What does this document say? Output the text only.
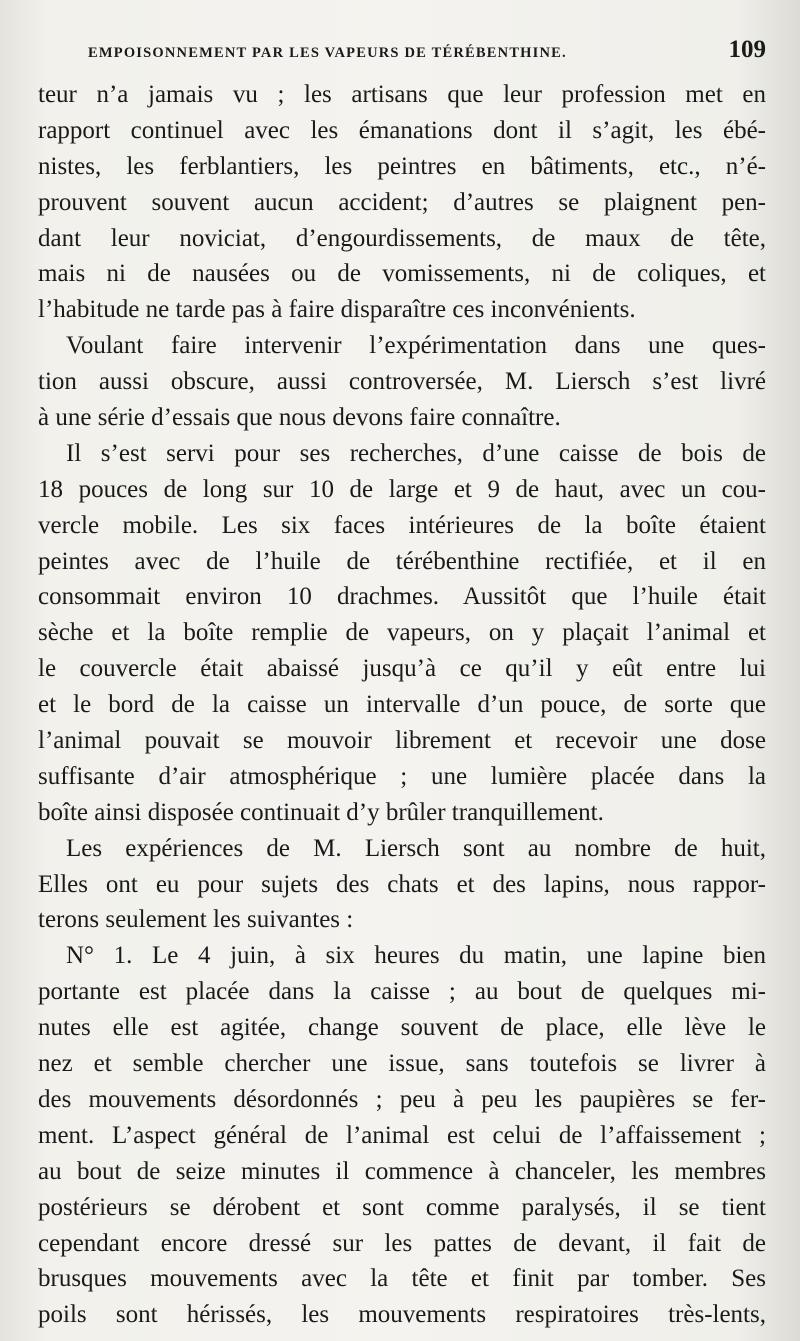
EMPOISONNEMENT PAR LES VAPEURS DE TÉRÉBENTHINE.	109
teur n’a jamais vu ; les artisans que leur profession met en
rapport continuel avec les émanations dont il s’agit, les ébé-
nistes, les ferblantiers, les peintres en bâtiments, etc., n’é-
prouvent souvent aucun accident; d’autres se plaignent pen-
dant leur noviciat, d’engourdissements, de maux de tête,
mais ni de nausées ou de vomissements, ni de coliques, et
l’habitude ne tarde pas à faire disparaître ces inconvénients.
Voulant faire intervenir l’expérimentation dans une ques-
tion aussi obscure, aussi controversée, M. Liersch s’est livré
à une série d’essais que nous devons faire connaître.
Il s’est servi pour ses recherches, d’une caisse de bois de
18 pouces de long sur 10 de large et 9 de haut, avec un cou-
vercle mobile. Les six faces intérieures de la boîte étaient
peintes avec de l’huile de térébenthine rectifiée, et il en
consommait environ 10 drachmes. Aussitôt que l’huile était
sèche et la boîte remplie de vapeurs, on y plaçait l’animal et
le couvercle était abaissé jusqu’à ce qu’il y eût entre lui
et le bord de la caisse un intervalle d’un pouce, de sorte que
l’animal pouvait se mouvoir librement et recevoir une dose
suffisante d’air atmosphérique ; une lumière placée dans la
boîte ainsi disposée continuait d’y brûler tranquillement.
Les expériences de M. Liersch sont au nombre de huit,
Elles ont eu pour sujets des chats et des lapins, nous rappor-
terons seulement les suivantes :
N° 1. Le 4 juin, à six heures du matin, une lapine bien
portante est placée dans la caisse ; au bout de quelques mi-
nutes elle est agitée, change souvent de place, elle lève le
nez et semble chercher une issue, sans toutefois se livrer à
des mouvements désordonnés ; peu à peu les paupières se fer-
ment. L’aspect général de l’animal est celui de l’affaissement ;
au bout de seize minutes il commence à chanceler, les membres
postérieurs se dérobent et sont comme paralysés, il se tient
cependant encore dressé sur les pattes de devant, il fait de
brusques mouvements avec la tête et finit par tomber. Ses
poils sont hérissés, les mouvements respiratoires très-lents,
